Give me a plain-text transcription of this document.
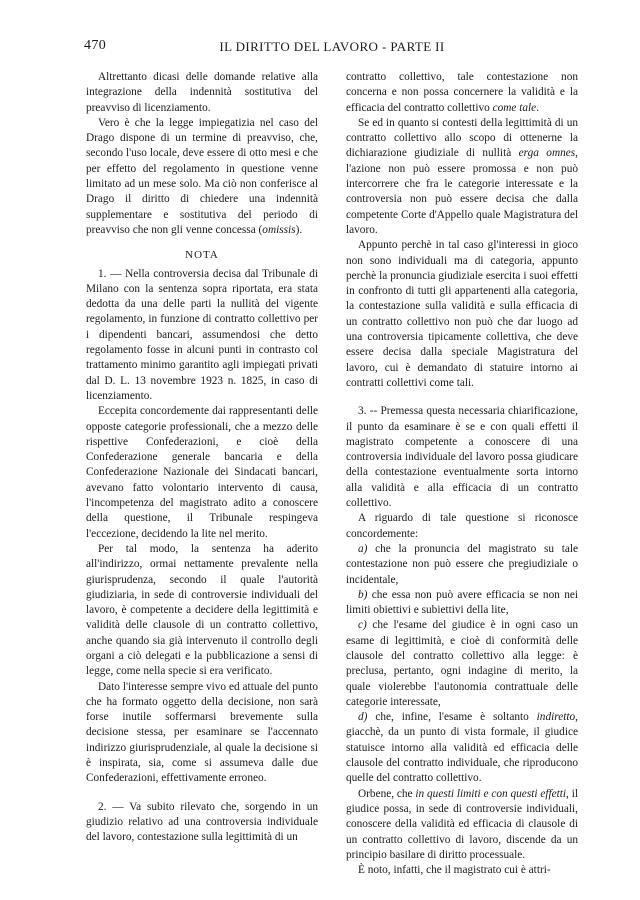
470	IL DIRITTO DEL LAVORO - PARTE II

Altrettanto dicasi delle domande relative alla integrazione della indennità sostitutiva del preavviso di licenziamento.

Vero è che la legge impiegatizia nel caso del Drago dispone di un termine di preavviso, che, secondo l'uso locale, deve essere di otto mesi e che per effetto del regolamento in questione venne limitato ad un mese solo. Ma ciò non conferisce al Drago il diritto di chiedere una indennità supplementare e sostitutiva del periodo di preavviso che non gli venne concessa (omissis).

NOTA

1. — Nella controversia decisa dal Tribunale di Milano con la sentenza sopra riportata, era stata dedotta da una delle parti la nullità del vigente regolamento, in funzione di contratto collettivo per i dipendenti bancari, assumendosi che detto regolamento fosse in alcuni punti in contrasto col trattamento minimo garantito agli impiegati privati dal D. L. 13 novembre 1923 n. 1825, in caso di licenziamento.

Eccepita concordemente dai rappresentanti delle opposte categorie professionali, che a mezzo delle rispettive Confederazioni, e cioè della Confederazione generale bancaria e della Confederazione Nazionale dei Sindacati bancari, avevano fatto volontario intervento di causa, l'incompetenza del magistrato adito a conoscere della questione, il Tribunale respingeva l'eccezione, decidendo la lite nel merito.

Per tal modo, la sentenza ha aderito all'indirizzo, ormai nettamente prevalente nella giurisprudenza, secondo il quale l'autorità giudiziaria, in sede di controversie individuali del lavoro, è competente a decidere della legittimità e validità delle clausole di un contratto collettivo, anche quando sia già intervenuto il controllo degli organi a ciò delegati e la pubblicazione a sensi di legge, come nella specie si era verificato.

Dato l'interesse sempre vivo ed attuale del punto che ha formato oggetto della decisione, non sarà forse inutile soffermarsi brevemente sulla decisione stessa, per esaminare se l'accennato indirizzo giurisprudenziale, al quale la decisione si è inspirata, sia, come si assumeva dalle due Confederazioni, effettivamente erroneo.

2. — Va subito rilevato che, sorgendo in un giudizio relativo ad una controversia individuale del lavoro, contestazione sulla legittimità di un

contratto collettivo, tale contestazione non concerna e non possa concernere la validità e la efficacia del contratto collettivo come tale.

Se ed in quanto si contesti della legittimità di un contratto collettivo allo scopo di ottenerne la dichiarazione giudiziale di nullità erga omnes, l'azione non può essere promossa e non può intercorrere che fra le categorie interessate e la controversia non può essere decisa che dalla competente Corte d'Appello quale Magistratura del lavoro.

Appunto perchè in tal caso gl'interessi in gioco non sono individuali ma di categoria, appunto perchè la pronuncia giudiziale esercita i suoi effetti in confronto di tutti gli appartenenti alla categoria, la contestazione sulla validità e sulla efficacia di un contratto collettivo non può che dar luogo ad una controversia tipicamente collettiva, che deve essere decisa dalla speciale Magistratura del lavoro, cui è demandato di statuire intorno ai contratti collettivi come tali.

3. -- Premessa questa necessaria chiarificazione, il punto da esaminare è se e con quali effetti il magistrato competente a conoscere di una controversia individuale del lavoro possa giudicare della contestazione eventualmente sorta intorno alla validità e alla efficacia di un contratto collettivo.

A riguardo di tale questione si riconosce concordemente:

a) che la pronuncia del magistrato su tale contestazione non può essere che pregiudiziale o incidentale,

b) che essa non può avere efficacia se non nei limiti obiettivi e subiettivi della lite,

c) che l'esame del giudice è in ogni caso un esame di legittimità, e cioè di conformità delle clausole del contratto collettivo alla legge: è preclusa, pertanto, ogni indagine di merito, la quale violerebbe l'autonomia contrattuale delle categorie interessate,

d) che, infine, l'esame è soltanto indiretto, giacchè, da un punto di vista formale, il giudice statuisce intorno alla validità ed efficacia delle clausole del contratto individuale, che riproducono quelle del contratto collettivo.

Orbene, che in questi limiti e con questi effetti, il giudice possa, in sede di controversie individuali, conoscere della validità ed efficacia di clausole di un contratto collettivo di lavoro, discende da un principio basilare di diritto processuale.

È noto, infatti, che il magistrato cui è attri-
